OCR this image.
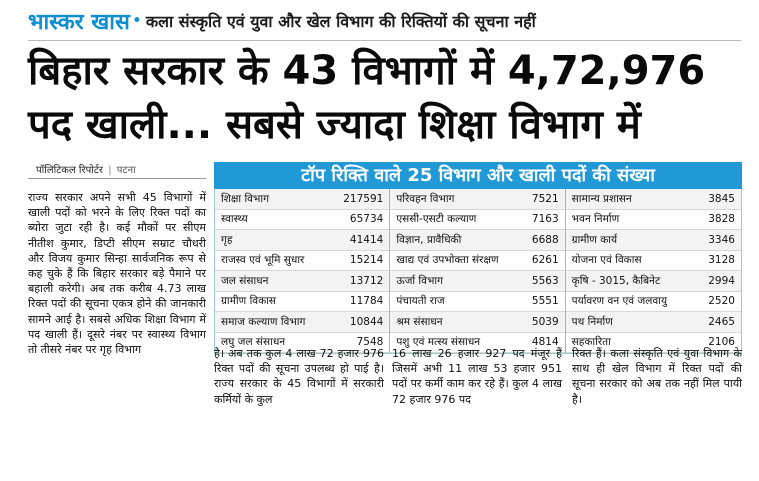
भास्कर खास • कला संस्कृति एवं युवा और खेल विभाग की रिक्तियों की सूचना नहीं
बिहार सरकार के 43 विभागों में 4,72,976
पद खाली... सबसे ज्यादा शिक्षा विभाग में
पॉलिटिकल रिपोर्टर | पटना
राज्य सरकार अपने सभी 45 विभागों में खाली पदों को भरने के लिए रिक्त पदों का ब्योरा जुटा रही है। कई मौकों पर सीएम नीतीश कुमार, डिप्टी सीएम सम्राट चौधरी और विजय कुमार सिन्हा सार्वजनिक रूप से कह चुके हैं कि बिहार सरकार बड़े पैमाने पर बहाली करेगी। अब तक करीब 4.73 लाख रिक्त पदों की सूचना एकत्र होने की जानकारी सामने आई है। सबसे अधिक शिक्षा विभाग में पद खाली हैं। दूसरे नंबर पर स्वास्थ्य विभाग तो तीसरे नंबर पर गृह विभाग
टॉप रिक्ति वाले 25 विभाग और खाली पदों की संख्या
शिक्षा विभाग	217591
स्वास्थ्य	65734
गृह	41414
राजस्व एवं भूमि सुधार	15214
जल संसाधन	13712
ग्रामीण विकास	11784
समाज कल्याण विभाग	10844
लघु जल संसाधन	7548
परिवहन विभाग	7521
एससी-एसटी कल्याण	7163
विज्ञान, प्रावैधिकी	6688
खाद्य एवं उपभोक्ता संरक्षण	6261
ऊर्जा विभाग	5563
पंचायती राज	5551
श्रम संसाधन	5039
पशु एवं मत्स्य संसाधन	4814
सामान्य प्रशासन	3845
भवन निर्माण	3828
ग्रामीण कार्य	3346
योजना एवं विकास	3128
कृषि - 3015, कैबिनेट	2994
पर्यावरण वन एवं जलवायु	2520
पथ निर्माण	2465
सहकारिता	2106
है। अब तक कुल 4 लाख 72 हजार 976 रिक्त पदों की सूचना उपलब्ध हो पाई है। राज्य सरकार के 45 विभागों में सरकारी कर्मियों के कुल
16 लाख 26 हजार 927 पद मंजूर हैं जिसमें अभी 11 लाख 53 हजार 951 पदों पर कर्मी काम कर रहे हैं। कुल 4 लाख 72 हजार 976 पद
रिक्त हैं। कला संस्कृति एवं युवा विभाग के साथ ही खेल विभाग में रिक्त पदों की सूचना सरकार को अब तक नहीं मिल पायी है।
